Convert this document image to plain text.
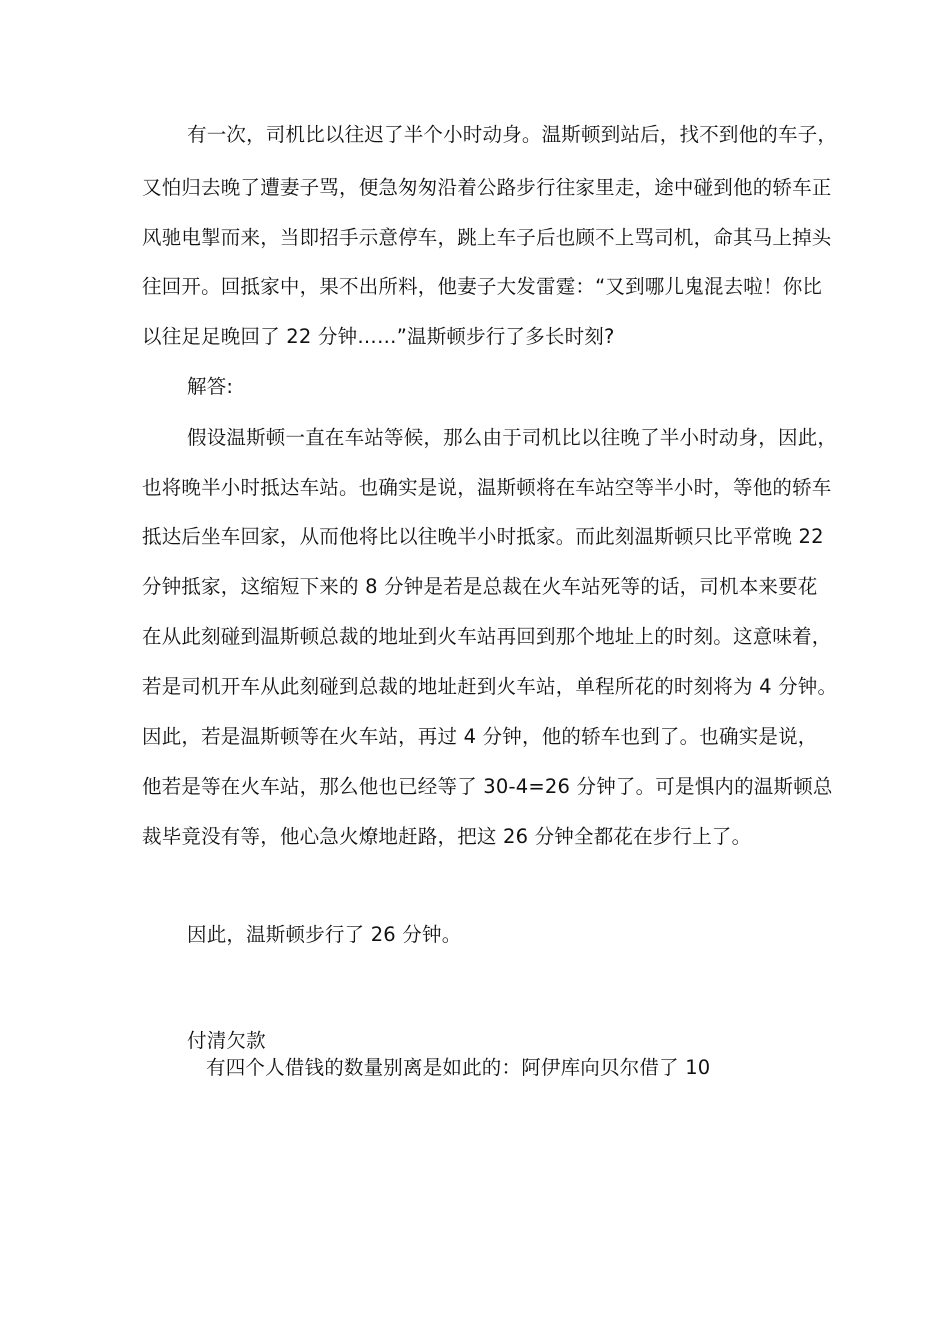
有一次，司机比以往迟了半个小时动身。温斯顿到站后，找不到他的车子，
又怕归去晚了遭妻子骂，便急匆匆沿着公路步行往家里走，途中碰到他的轿车正
风驰电掣而来，当即招手示意停车，跳上车子后也顾不上骂司机，命其马上掉头
往回开。回抵家中，果不出所料，他妻子大发雷霆：“又到哪儿鬼混去啦！你比
以往足足晚回了 22 分钟……”温斯顿步行了多长时刻?
解答:
假设温斯顿一直在车站等候，那么由于司机比以往晚了半小时动身，因此，
也将晚半小时抵达车站。也确实是说，温斯顿将在车站空等半小时，等他的轿车
抵达后坐车回家，从而他将比以往晚半小时抵家。而此刻温斯顿只比平常晚 22
分钟抵家，这缩短下来的 8 分钟是若是总裁在火车站死等的话，司机本来要花
在从此刻碰到温斯顿总裁的地址到火车站再回到那个地址上的时刻。这意味着，
若是司机开车从此刻碰到总裁的地址赶到火车站，单程所花的时刻将为 4 分钟。
因此，若是温斯顿等在火车站，再过 4 分钟，他的轿车也到了。也确实是说，
他若是等在火车站，那么他也已经等了 30-4=26 分钟了。可是惧内的温斯顿总
裁毕竟没有等，他心急火燎地赶路，把这 26 分钟全都花在步行上了。
因此，温斯顿步行了 26 分钟。
付清欠款
有四个人借钱的数量别离是如此的：阿伊库向贝尔借了 10
